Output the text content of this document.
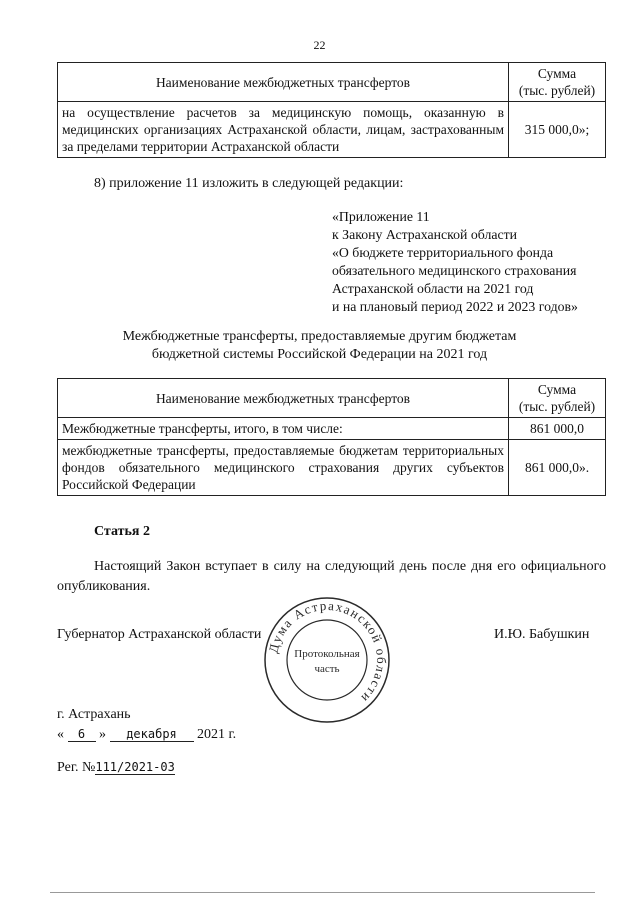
22
Наименование межбюджетных трансфертов	Сумма
(тыс. рублей)
на осуществление расчетов за медицинскую помощь, оказанную в медицинских организациях Астраханской области, лицам, застрахованным за пределами территории Астраханской области	315 000,0»;
8) приложение 11 изложить в следующей редакции:
«Приложение 11
к Закону Астраханской области
«О бюджете территориального фонда
обязательного медицинского страхования
Астраханской области на 2021 год
и на плановый период 2022 и 2023 годов»
Межбюджетные трансферты, предоставляемые другим бюджетам
бюджетной системы Российской Федерации на 2021 год
Наименование межбюджетных трансфертов	Сумма
(тыс. рублей)
Межбюджетные трансферты, итого, в том числе:	861 000,0
межбюджетные трансферты, предоставляемые бюджетам территориальных фондов обязательного медицинского страхования других субъектов Российской Федерации	861 000,0».
Статья 2
Настоящий Закон вступает в силу на следующий день после дня его официального опубликования.
Губернатор Астраханской области	И.Ю. Бабушкин
Дума Астраханской области
Протокольная
часть
г. Астрахань
« 6 » декабря 2021 г.
Рег. №111/2021-03
